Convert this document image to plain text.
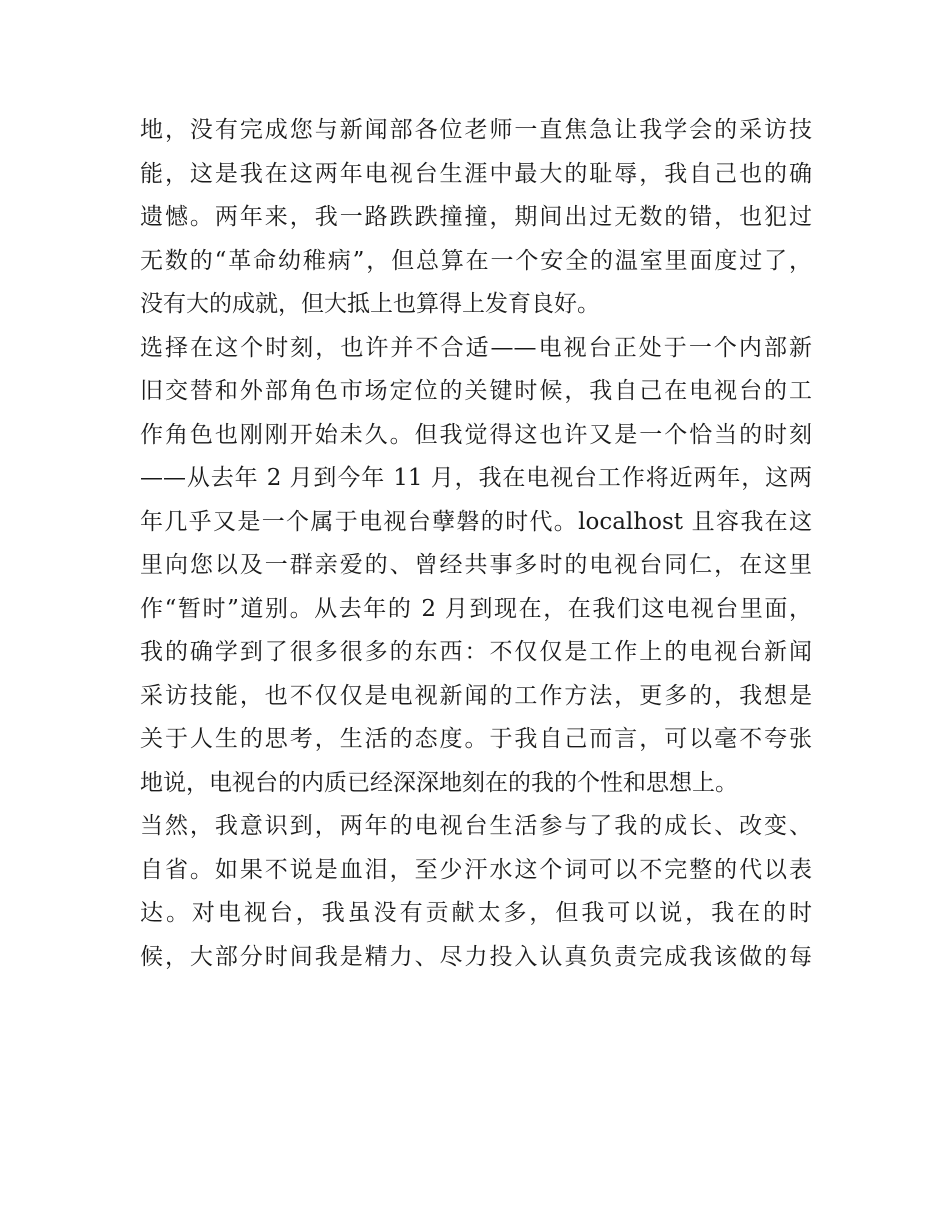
地，没有完成您与新闻部各位老师一直焦急让我学会的采访技
能，这是我在这两年电视台生涯中最大的耻辱，我自己也的确
遗憾。两年来，我一路跌跌撞撞，期间出过无数的错，也犯过
无数的“革命幼稚病”，但总算在一个安全的温室里面度过了，
没有大的成就，但大抵上也算得上发育良好。
选择在这个时刻，也许并不合适——电视台正处于一个内部新
旧交替和外部角色市场定位的关键时候，我自己在电视台的工
作角色也刚刚开始未久。但我觉得这也许又是一个恰当的时刻
——从去年 2 月到今年 11 月，我在电视台工作将近两年，这两
年几乎又是一个属于电视台孽磐的时代。localhost 且容我在这
里向您以及一群亲爱的、曾经共事多时的电视台同仁，在这里
作“暂时”道别。从去年的 2 月到现在，在我们这电视台里面，
我的确学到了很多很多的东西：不仅仅是工作上的电视台新闻
采访技能，也不仅仅是电视新闻的工作方法，更多的，我想是
关于人生的思考，生活的态度。于我自己而言，可以毫不夸张
地说，电视台的内质已经深深地刻在的我的个性和思想上。
当然，我意识到，两年的电视台生活参与了我的成长、改变、
自省。如果不说是血泪，至少汗水这个词可以不完整的代以表
达。对电视台，我虽没有贡献太多，但我可以说，我在的时
候，大部分时间我是精力、尽力投入认真负责完成我该做的每
